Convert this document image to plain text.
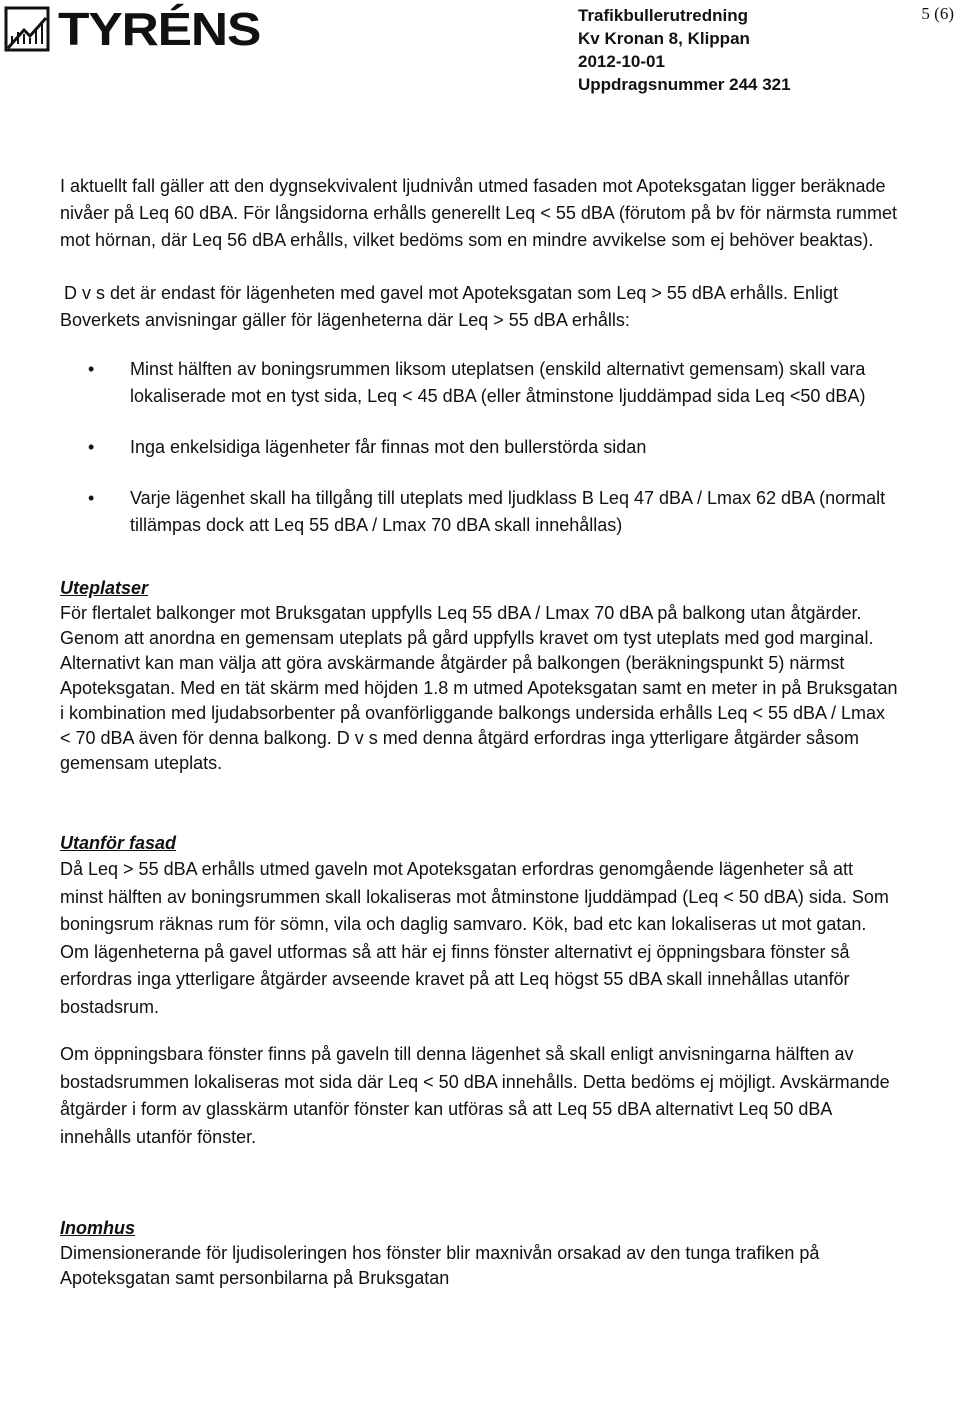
TYRÉNS	Trafikbullerutredning
Kv Kronan 8, Klippan
2012-10-01
Uppdragsnummer 244 321
5 (6)

I aktuellt fall gäller att den dygnsekvivalent ljudnivån utmed fasaden mot Apoteksgatan ligger beräknade nivåer på Leq 60 dBA. För långsidorna erhålls generellt Leq < 55 dBA (förutom på bv för närmsta rummet mot hörnan, där Leq 56 dBA erhålls, vilket bedöms som en mindre avvikelse som ej behöver beaktas).

D v s det är endast för lägenheten med gavel mot Apoteksgatan som Leq > 55 dBA erhålls. Enligt Boverkets anvisningar gäller för lägenheterna där Leq > 55 dBA erhålls:

• Minst hälften av boningsrummen liksom uteplatsen (enskild alternativt gemensam) skall vara lokaliserade mot en tyst sida, Leq < 45 dBA (eller åtminstone ljuddämpad sida Leq <50 dBA)
• Inga enkelsidiga lägenheter får finnas mot den bullerstörda sidan
• Varje lägenhet skall ha tillgång till uteplats med ljudklass B Leq 47 dBA / Lmax 62 dBA (normalt tillämpas dock att Leq 55 dBA / Lmax 70 dBA skall innehållas)
Uteplatser

För flertalet balkonger mot Bruksgatan uppfylls Leq 55 dBA / Lmax 70 dBA på balkong utan åtgärder. Genom att anordna en gemensam uteplats på gård uppfylls kravet om tyst uteplats med god marginal. Alternativt kan man välja att göra avskärmande åtgärder på balkongen (beräkningspunkt 5) närmst Apoteksgatan. Med en tät skärm med höjden 1.8 m utmed Apoteksgatan samt en meter in på Bruksgatan i kombination med ljudabsorbenter på ovanförliggande balkongs undersida erhålls Leq < 55 dBA / Lmax < 70 dBA även för denna balkong. D v s med denna åtgärd erfordras inga ytterligare åtgärder såsom gemensam uteplats.

Utanför fasad

Då Leq > 55 dBA erhålls utmed gaveln mot Apoteksgatan erfordras genomgående lägenheter så att minst hälften av boningsrummen skall lokaliseras mot åtminstone ljuddämpad (Leq < 50 dBA) sida. Som boningsrum räknas rum för sömn, vila och daglig samvaro. Kök, bad etc kan lokaliseras ut mot gatan. Om lägenheterna på gavel utformas så att här ej finns fönster alternativt ej öppningsbara fönster så erfordras inga ytterligare åtgärder avseende kravet på att Leq högst 55 dBA skall innehållas utanför bostadsrum.

Om öppningsbara fönster finns på gaveln till denna lägenhet så skall enligt anvisningarna hälften av bostadsrummen lokaliseras mot sida där Leq < 50 dBA innehålls. Detta bedöms ej möjligt. Avskärmande åtgärder i form av glasskärm utanför fönster kan utföras så att Leq 55 dBA alternativt Leq 50 dBA innehålls utanför fönster.

Inomhus

Dimensionerande för ljudisoleringen hos fönster blir maxnivån orsakad av den tunga trafiken på Apoteksgatan samt personbilarna på Bruksgatan
